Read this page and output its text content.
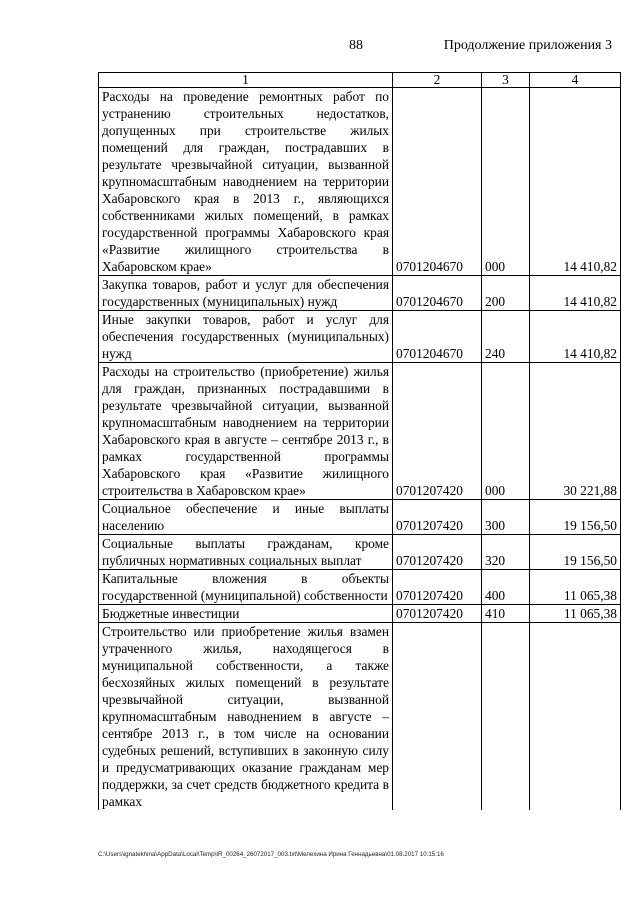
88	Продолжение приложения 3
1	2	3	4
Расходы на проведение ремонтных работ по устранению строительных недостатков, допущенных при строительстве жилых помещений для граждан, пострадавших в результате чрезвычайной ситуации, вызванной крупномасштабным наводнением на территории Хабаровского края в 2013 г., являющихся собственниками жилых помещений, в рамках государственной программы Хабаровского края «Развитие жилищного строительства в Хабаровском крае»	0701204670	000	14 410,82
Закупка товаров, работ и услуг для обеспечения государственных (муниципальных) нужд	0701204670	200	14 410,82
Иные закупки товаров, работ и услуг для обеспечения государственных (муниципальных) нужд	0701204670	240	14 410,82
Расходы на строительство (приобретение) жилья для граждан, признанных пострадавшими в результате чрезвычайной ситуации, вызванной крупномасштабным наводнением на территории Хабаровского края в августе – сентябре 2013 г., в рамках государственной программы Хабаровского края «Развитие жилищного строительства в Хабаровском крае»	0701207420	000	30 221,88
Социальное обеспечение и иные выплаты населению	0701207420	300	19 156,50
Социальные выплаты гражданам, кроме публичных нормативных социальных выплат	0701207420	320	19 156,50
Капитальные вложения в объекты государственной (муниципальной) собственности	0701207420	400	11 065,38
Бюджетные инвестиции	0701207420	410	11 065,38
Строительство или приобретение жилья взамен утраченного жилья, находящегося в муниципальной собственности, а также бесхозяйных жилых помещений в результате чрезвычайной ситуации, вызванной крупномасштабным наводнением в августе – сентябре 2013 г., в том числе на основании судебных решений, вступивших в законную силу и предусматривающих оказание гражданам мер поддержки, за счет средств бюджетного кредита в рамках			
C:\Users\ignatekhina\AppData\Local\Temp\IR_00264_26072017_003.txt\Мелехина Ирина Геннадьевна\01.08.2017 10:15:16
